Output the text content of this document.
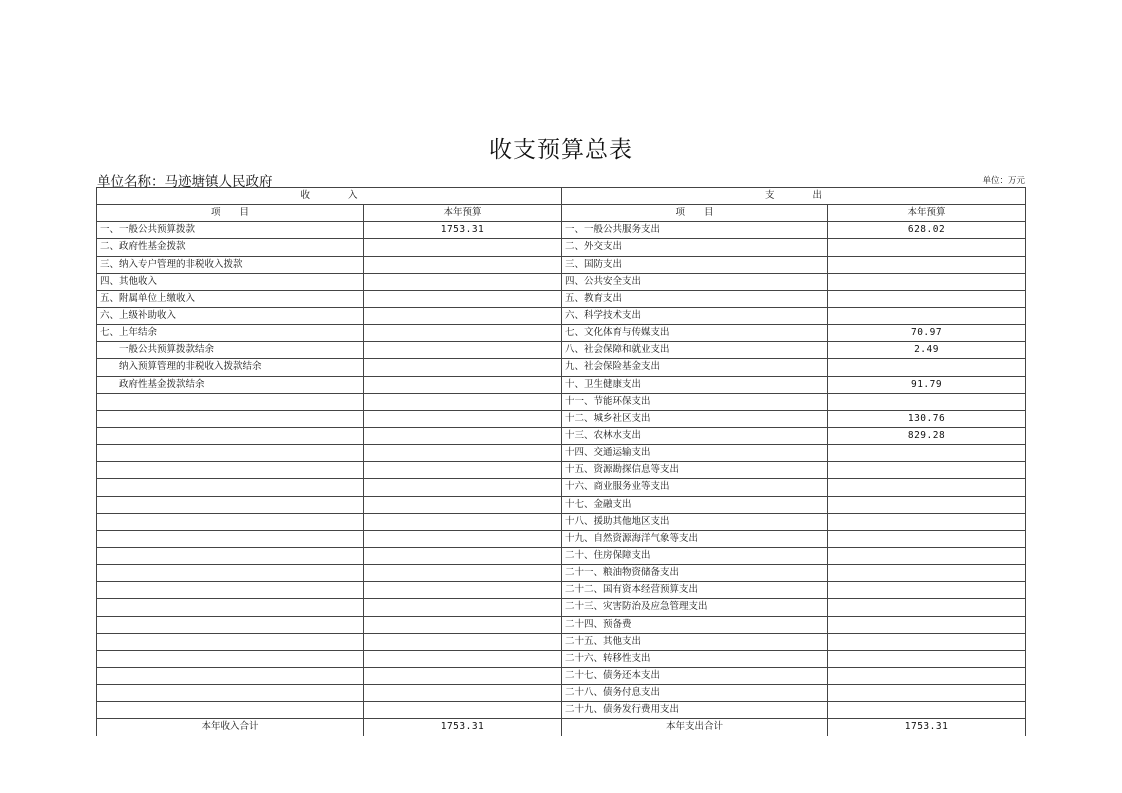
收支预算总表
单位名称：马迹塘镇人民政府	单位：万元
收　　　　入		支　　　　出	
项　　目	本年预算	项　　目	本年预算
一、一般公共预算拨款	1753.31	一、一般公共服务支出	628.02
二、政府性基金拨款		二、外交支出	
三、纳入专户管理的非税收入拨款		三、国防支出	
四、其他收入		四、公共安全支出	
五、附属单位上缴收入		五、教育支出	
六、上级补助收入		六、科学技术支出	
七、上年结余		七、文化体育与传媒支出	70.97
一般公共预算拨款结余		八、社会保障和就业支出	2.49
纳入预算管理的非税收入拨款结余		九、社会保险基金支出	
政府性基金拨款结余		十、卫生健康支出	91.79
		十一、节能环保支出	
		十二、城乡社区支出	130.76
		十三、农林水支出	829.28
		十四、交通运输支出	
		十五、资源勘探信息等支出	
		十六、商业服务业等支出	
		十七、金融支出	
		十八、援助其他地区支出	
		十九、自然资源海洋气象等支出	
		二十、住房保障支出	
		二十一、粮油物资储备支出	
		二十二、国有资本经营预算支出	
		二十三、灾害防治及应急管理支出	
		二十四、预备费	
		二十五、其他支出	
		二十六、转移性支出	
		二十七、债务还本支出	
		二十八、债务付息支出	
		二十九、债务发行费用支出	
本年收入合计	1753.31	本年支出合计	1753.31
